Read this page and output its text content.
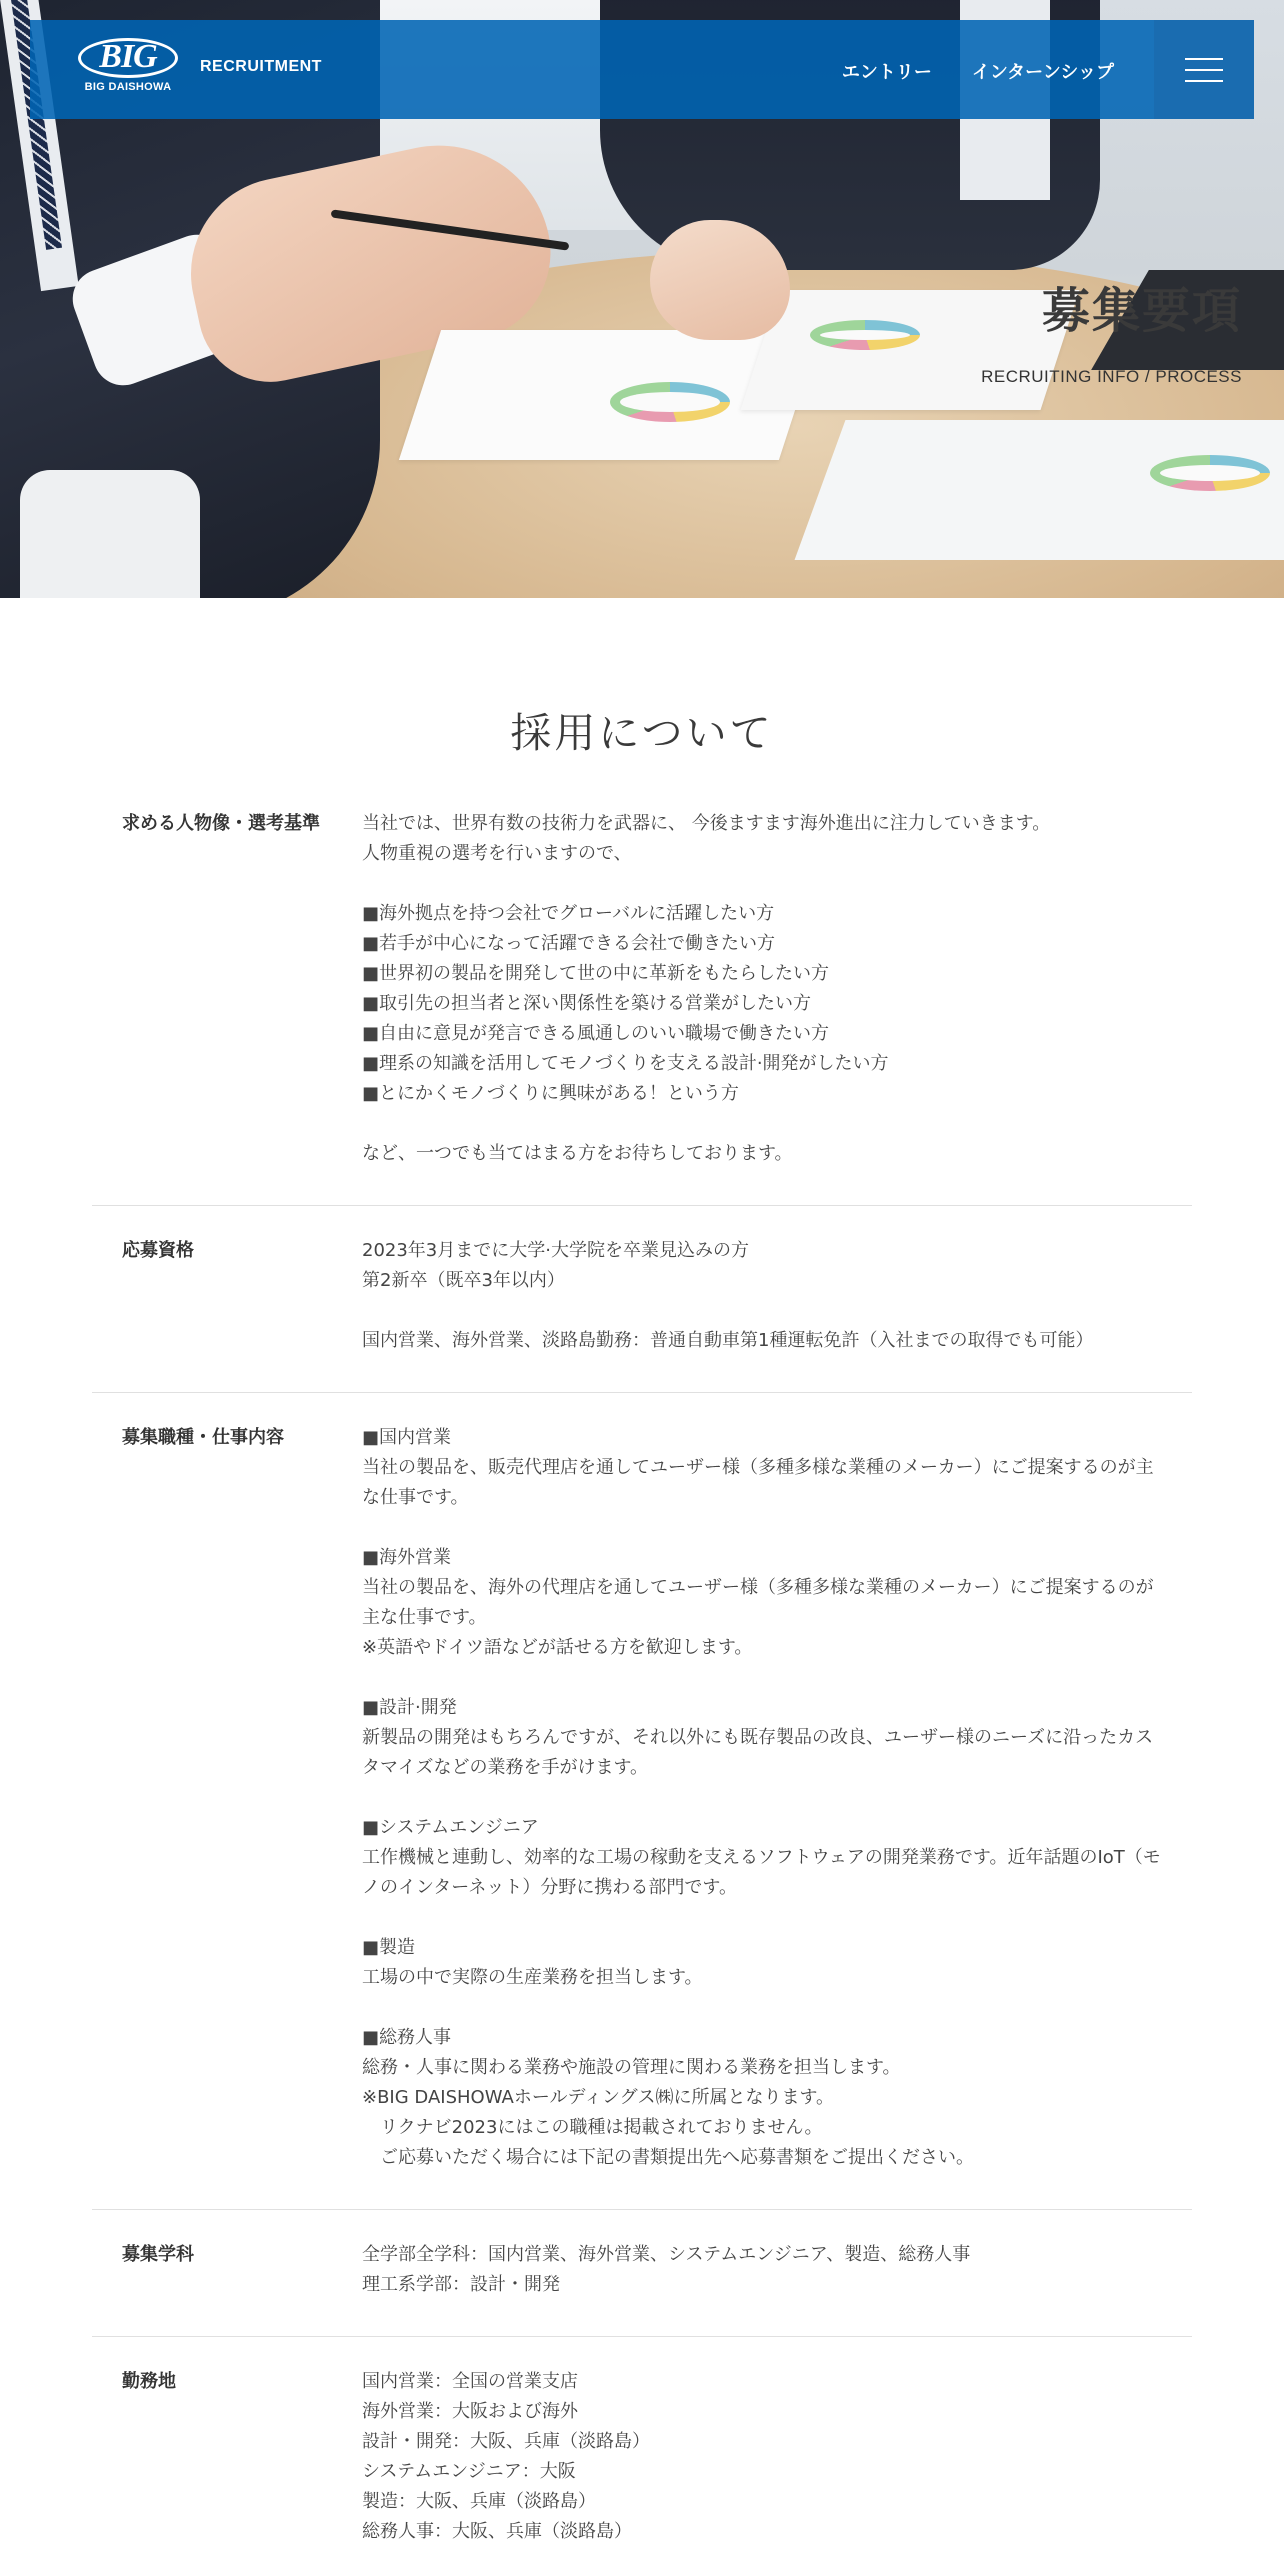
募集要項
RECRUITING INFO / PROCESS
BIG
BIG DAISHOWA
RECRUITMENT	エントリー インターンシップ
採用について
求める人物像・選考基準	当社では、世界有数の技術力を武器に、 今後ますます海外進出に注力していきます。
人物重視の選考を行いますので、
■海外拠点を持つ会社でグローバルに活躍したい方
■若手が中心になって活躍できる会社で働きたい方
■世界初の製品を開発して世の中に革新をもたらしたい方
■取引先の担当者と深い関係性を築ける営業がしたい方
■自由に意見が発言できる風通しのいい職場で働きたい方
■理系の知識を活用してモノづくりを支える設計·開発がしたい方
■とにかくモノづくりに興味がある！という方
など、一つでも当てはまる方をお待ちしております。
応募資格	2023年3月までに大学·大学院を卒業見込みの方
第2新卒（既卒3年以内）
国内営業、海外営業、淡路島勤務：普通自動車第1種運転免許（入社までの取得でも可能）
募集職種・仕事内容	■国内営業
当社の製品を、販売代理店を通してユーザー様（多種多様な業種のメーカー）にご提案するのが主
な仕事です。
■海外営業
当社の製品を、海外の代理店を通してユーザー様（多種多様な業種のメーカー）にご提案するのが
主な仕事です。
※英語やドイツ語などが話せる方を歓迎します。
■設計·開発
新製品の開発はもちろんですが、それ以外にも既存製品の改良、ユーザー様のニーズに沿ったカス
タマイズなどの業務を手がけます。
■システムエンジニア
工作機械と連動し、効率的な工場の稼動を支えるソフトウェアの開発業務です。近年話題のIoT（モ
ノのインターネット）分野に携わる部門です。
■製造
工場の中で実際の生産業務を担当します。
■総務人事
総務・人事に関わる業務や施設の管理に関わる業務を担当します。
※BIG DAISHOWAホールディングス㈱に所属となります。
　リクナビ2023にはこの職種は掲載されておりません。
　ご応募いただく場合には下記の書類提出先へ応募書類をご提出ください。
募集学科	全学部全学科：国内営業、海外営業、システムエンジニア、製造、総務人事
理工系学部：設計・開発
勤務地	国内営業：全国の営業支店
海外営業：大阪および海外
設計・開発：大阪、兵庫（淡路島）
システムエンジニア：大阪
製造：大阪、兵庫（淡路島）
総務人事：大阪、兵庫（淡路島）
